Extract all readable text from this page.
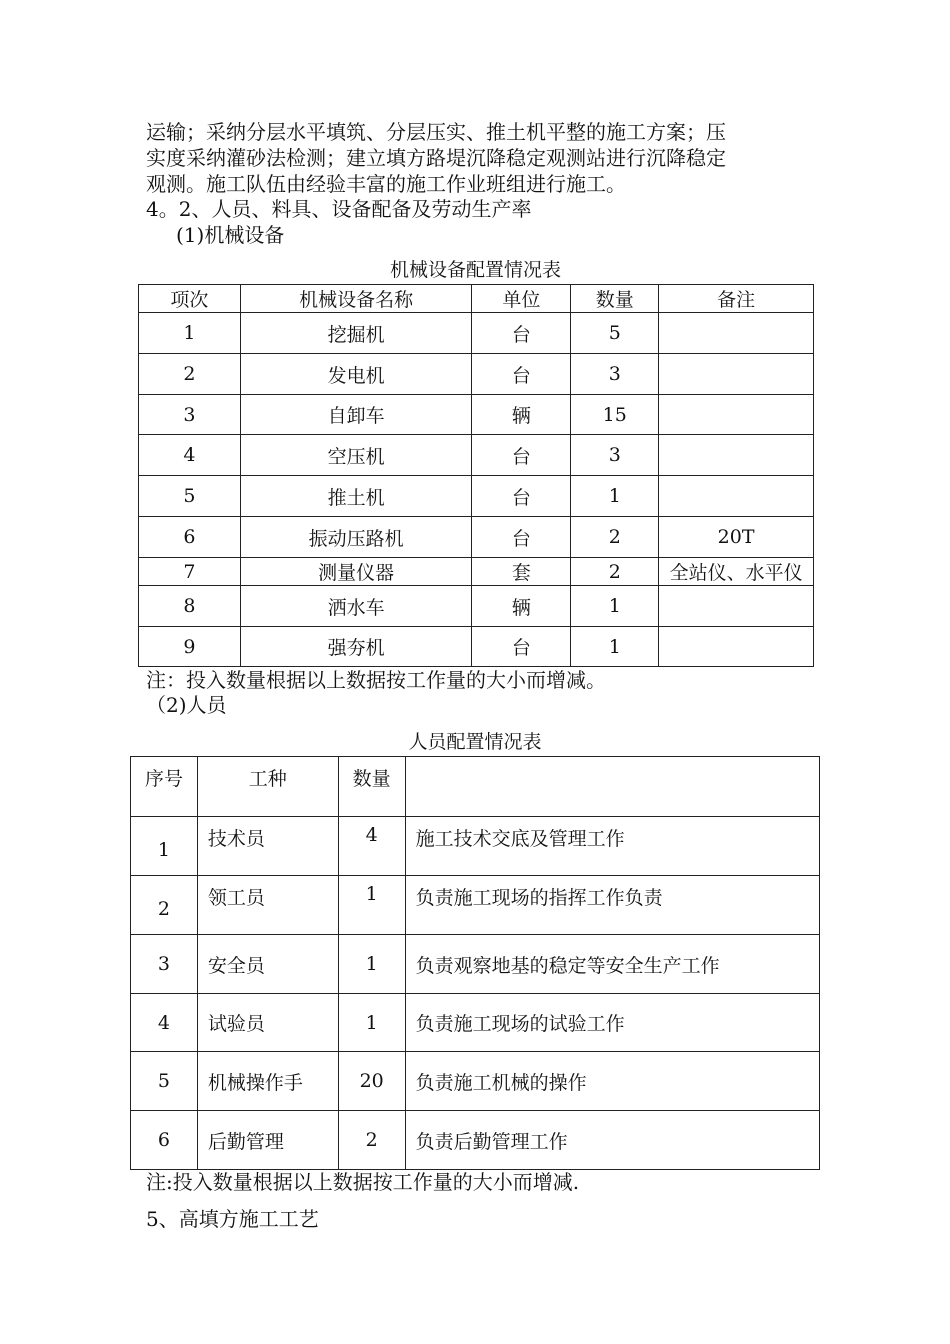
运输；采纳分层水平填筑、分层压实、推土机平整的施工方案；压
实度采纳灌砂法检测；建立填方路堤沉降稳定观测站进行沉降稳定
观测。施工队伍由经验丰富的施工作业班组进行施工。
4。2、人员、料具、设备配备及劳动生产率
(1)机械设备
机械设备配置情况表
项次	机械设备名称	单位	数量	备注
1	挖掘机	台	5	
2	发电机	台	3	
3	自卸车	辆	15	
4	空压机	台	3	
5	推土机	台	1	
6	振动压路机	台	2	20T
7	测量仪器	套	2	全站仪、水平仪
8	洒水车	辆	1	
9	强夯机	台	1	
注：投入数量根据以上数据按工作量的大小而增减。
（2)人员
人员配置情况表
序号	工种	数量	
1	技术员	4	施工技术交底及管理工作
2	领工员	1	负责施工现场的指挥工作负责
3	安全员	1	负责观察地基的稳定等安全生产工作
4	试验员	1	负责施工现场的试验工作
5	机械操作手	20	负责施工机械的操作
6	后勤管理	2	负责后勤管理工作
注:投入数量根据以上数据按工作量的大小而增减.
5、高填方施工工艺
